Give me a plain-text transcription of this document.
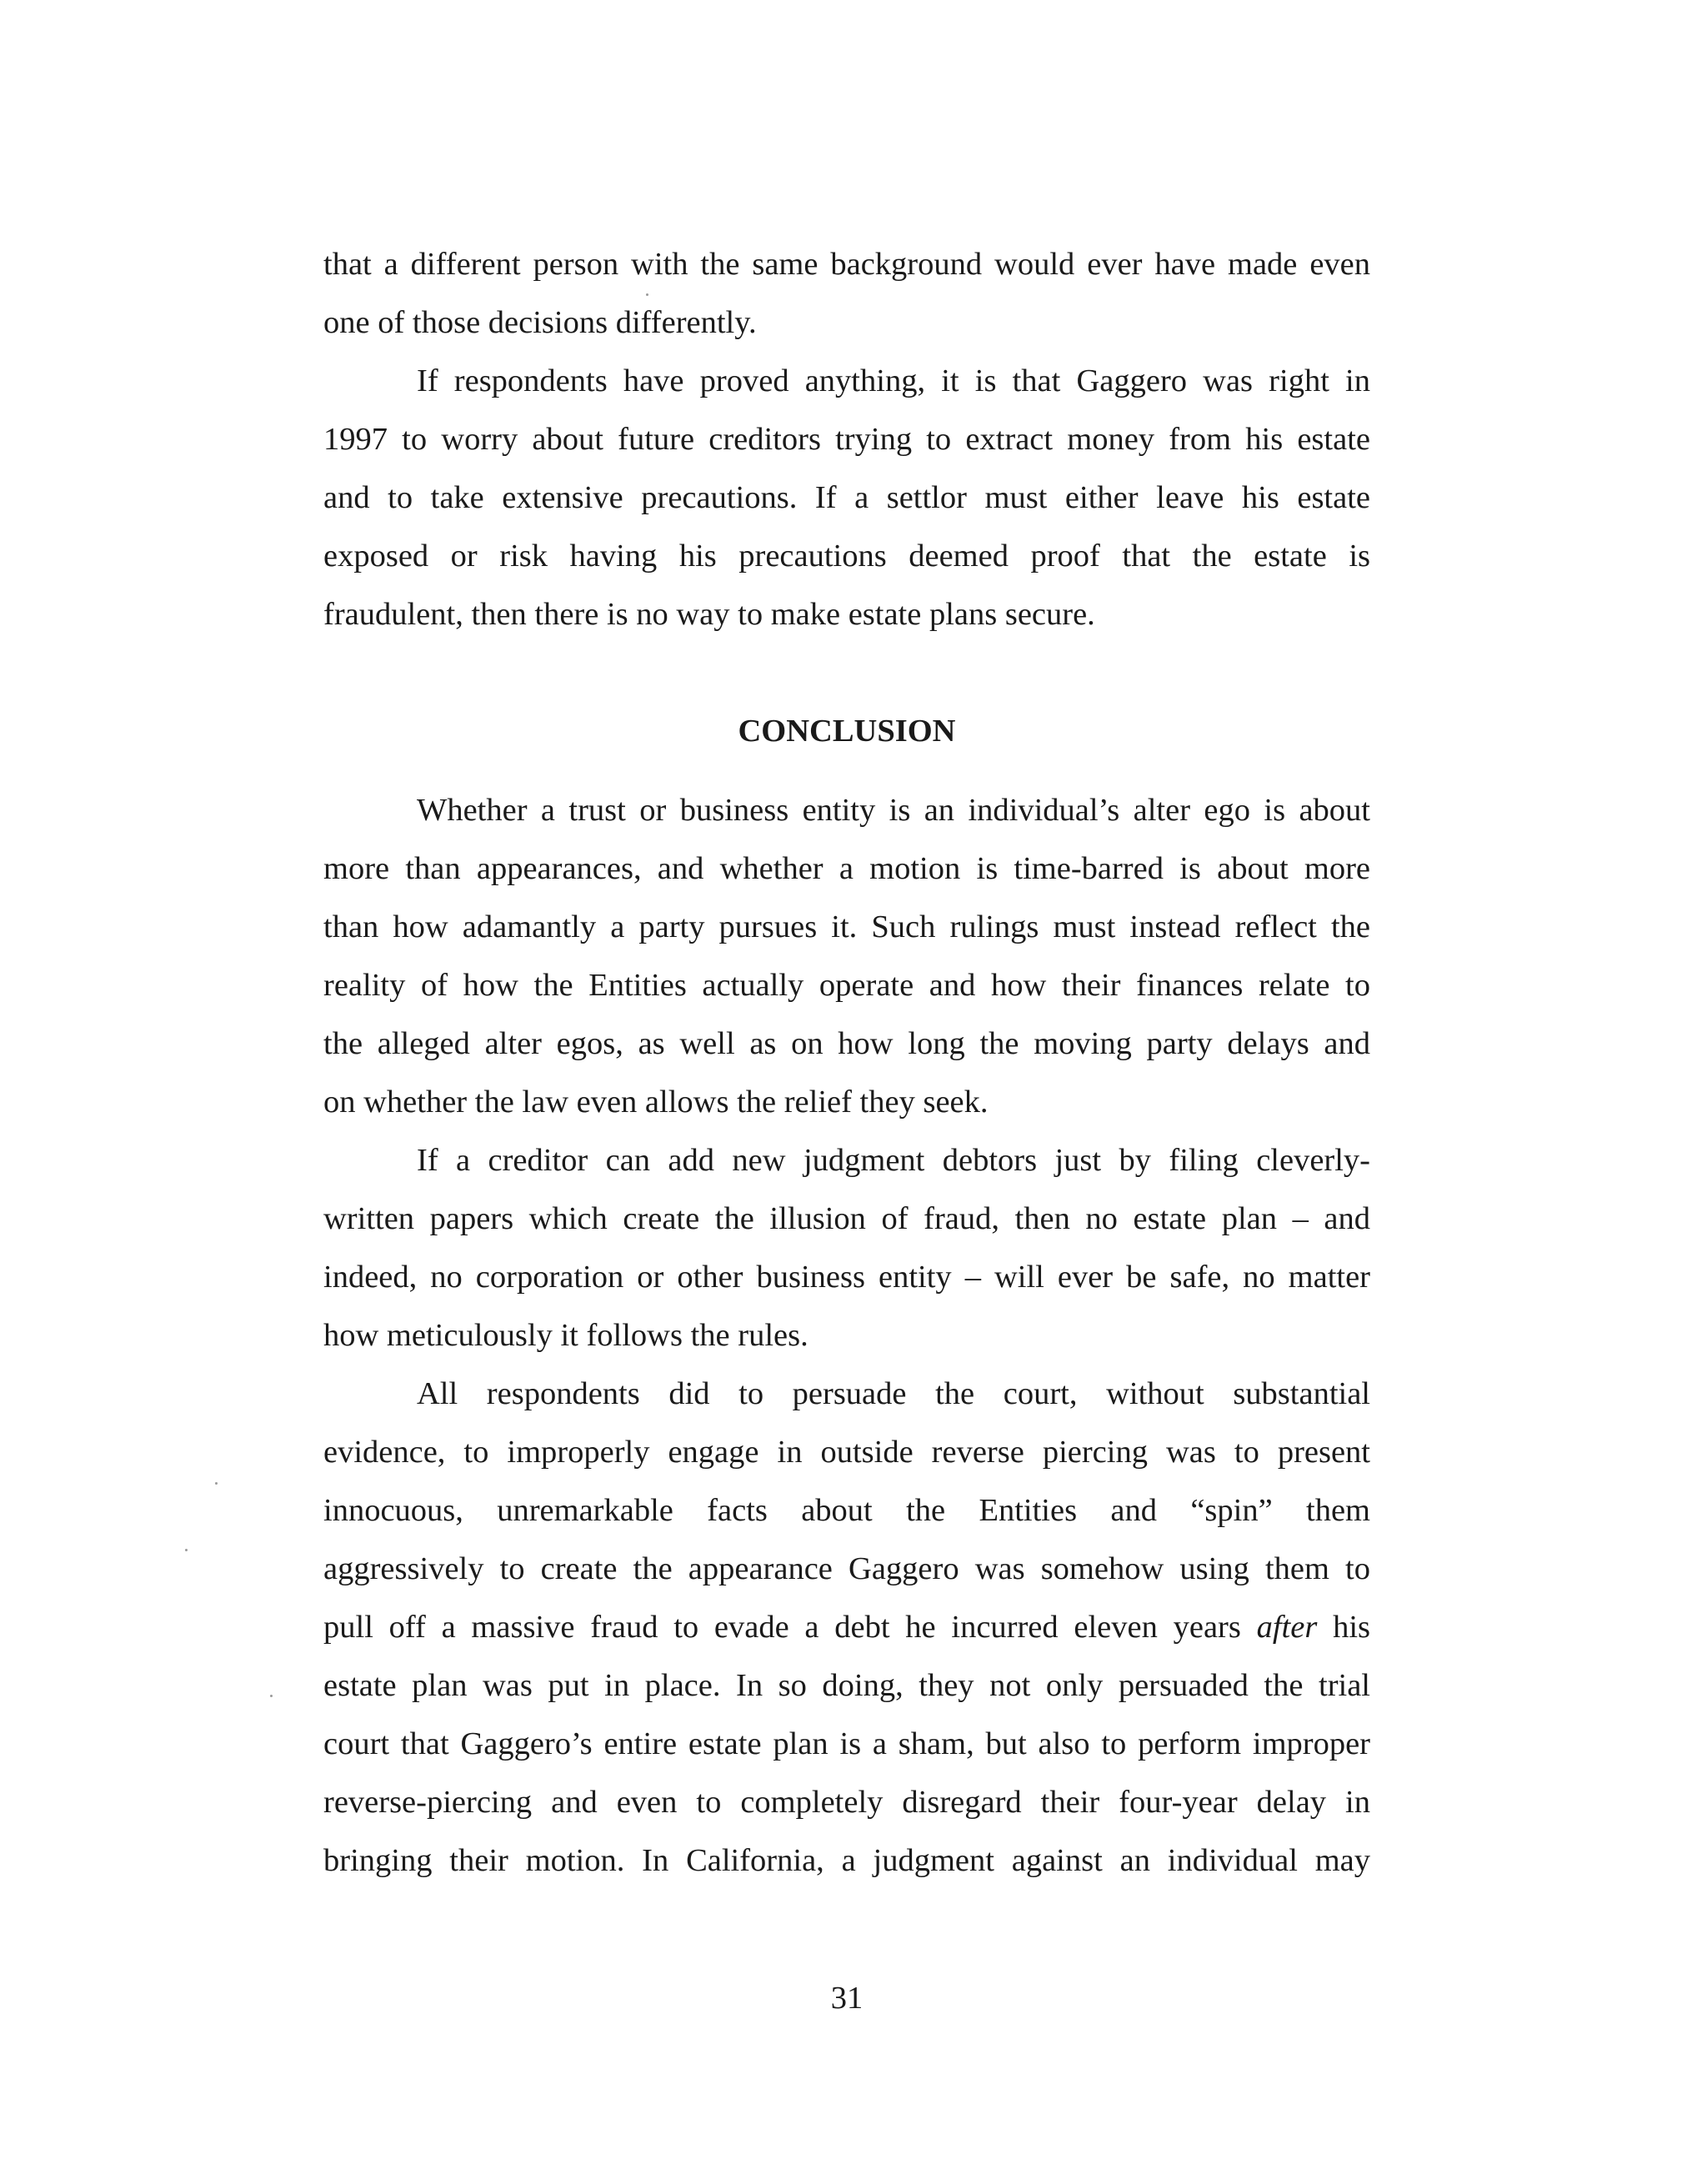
that a different person with the same background would ever have made even
one of those decisions differently.
If respondents have proved anything, it is that Gaggero was right in
1997 to worry about future creditors trying to extract money from his estate
and to take extensive precautions. If a settlor must either leave his estate
exposed or risk having his precautions deemed proof that the estate is
fraudulent, then there is no way to make estate plans secure.
CONCLUSION
Whether a trust or business entity is an individual’s alter ego is about
more than appearances, and whether a motion is time-barred is about more
than how adamantly a party pursues it. Such rulings must instead reflect the
reality of how the Entities actually operate and how their finances relate to
the alleged alter egos, as well as on how long the moving party delays and
on whether the law even allows the relief they seek.
If a creditor can add new judgment debtors just by filing cleverly-
written papers which create the illusion of fraud, then no estate plan – and
indeed, no corporation or other business entity – will ever be safe, no matter
how meticulously it follows the rules.
All respondents did to persuade the court, without substantial
evidence, to improperly engage in outside reverse piercing was to present
innocuous, unremarkable facts about the Entities and “spin” them
aggressively to create the appearance Gaggero was somehow using them to
pull off a massive fraud to evade a debt he incurred eleven years after his
estate plan was put in place. In so doing, they not only persuaded the trial
court that Gaggero’s entire estate plan is a sham, but also to perform improper
reverse-piercing and even to completely disregard their four-year delay in
bringing their motion. In California, a judgment against an individual may
31
